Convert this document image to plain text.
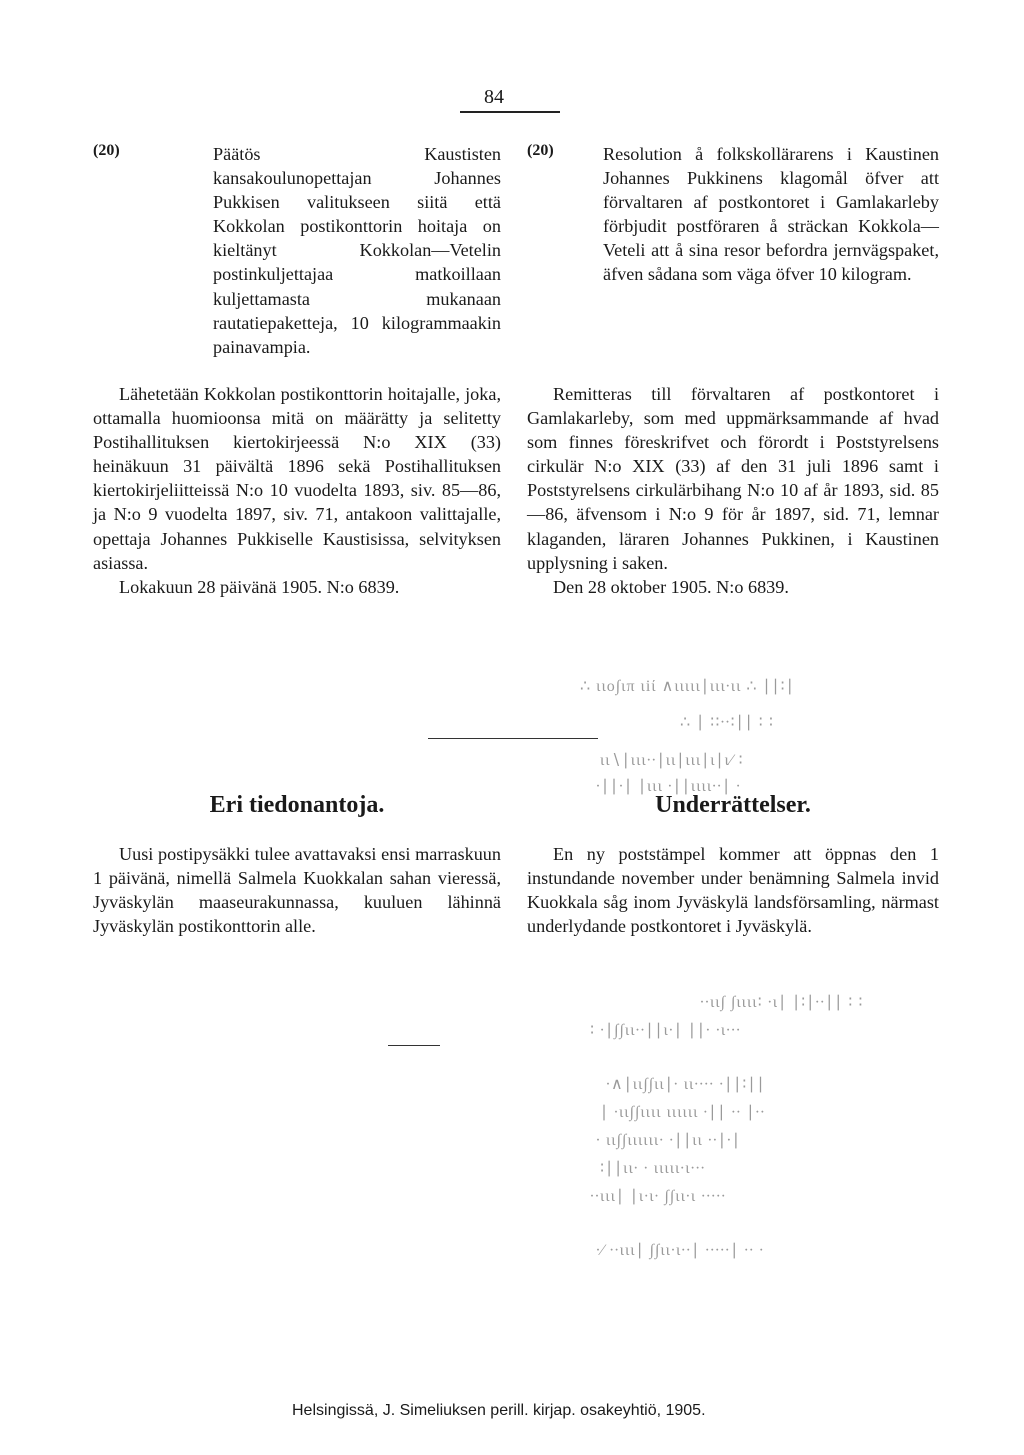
84
(20)	Päätös Kaustisten kansakoulunopettajan Johannes Pukkisen valitukseen siitä että Kokkolan postikonttorin hoitaja on kieltänyt Kokkolan—Vetelin postinkuljettajaa matkoillaan kuljettamasta mukanaan rautatiepaketteja, 10 kilogrammaakin painavampia.

Lähetetään Kokkolan postikonttorin hoitajalle, joka, ottamalla huomioonsa mitä on määrätty ja selitetty Postihallituksen kiertokirjeessä N:o XIX (33) heinäkuun 31 päivältä 1896 sekä Postihallituksen kiertokirjeliitteissä N:o 10 vuodelta 1893, siv. 85—86, ja N:o 9 vuodelta 1897, siv. 71, antakoon valittajalle, opettaja Johannes Pukkiselle Kaustisissa, selvityksen asiassa.

Lokakuun 28 päivänä 1905. N:o 6839.

(20)	Resolution å folkskollärarens i Kaustinen Johannes Pukkinens klagomål öfver att förvaltaren af postkontoret i Gamlakarleby förbjudit postföraren å sträckan Kokkola—Veteli att å sina resor befordra jernvägspaket, äfven sådana som väga öfver 10 kilogram.

Remitteras till förvaltaren af postkontoret i Gamlakarleby, som med uppmärksammande af hvad som finnes föreskrifvet och förordt i Poststyrelsens cirkulär N:o XIX (33) af den 31 juli 1896 samt i Poststyrelsens cirkulärbihang N:o 10 af år 1893, sid. 85—86, äfvensom i N:o 9 för år 1897, sid. 71, lemnar klaganden, läraren Johannes Pukkinen, i Kaustinen upplysning i saken.

Den 28 oktober 1905. N:o 6839.

∴ ιιο∫ιπ ιiί ∧ιιιιι∣ιιι∙ιι ∴ ∣∣∶∣
∴ ∣ ∶∶∙∙∶∣∣ ∶ ∶
ιι∖∣ιιι∙∙∣ιι∣ιιι∣ι∣ι∕ ∶
∙∣∣∙∣ ∣ιιι ∙∣∣ιιιι∙∙∣ ∙

Eri tiedonantoja.	Underrättelser.

Uusi postipysäkki tulee avattavaksi ensi marraskuun 1 päivänä, nimellä Salmela Kuokkalan sahan vieressä, Jyväskylän maaseurakunnassa, kuuluen lähinnä Jyväskylän postikonttorin alle.

En ny poststämpel kommer att öppnas den 1 instundande november under benämning Salmela invid Kuokkala såg inom Jyväskylä landsförsamling, närmast underlydande postkontoret i Jyväskylä.

∙∙ιι∫ ∫ιιιι∶ ∙ι∣ ∣∶∣∙∙∣∣ ∶ ∶
∶ ∙∣∫∫ιι∙∙∣∣ι∙∣ ∣∣∙ ∙ι∙∙∙
∙∧∣ιι∫∫ιι∣∙ ιι∙∙∙∙ ∙∣∣∶∣∣
∣ ∙ιι∫∫ιιιι ιιιιιι ∙∣∣ ∙∙ ∣∙∙
∙ ιι∫∫ιιιιιι∙ ∙∣∣ιι ∙∙∣∙∣
∶∣∣ιι∙ ∙ ιιιιι∙ι∙∙∙
∙∙ιιι∣ ∣ι∙ι∙ ∫∫ιι∙ι ∙∙∙∙∙
∙∕ ∙∙ιιι∣ ∫∫ιι∙ι∙∙∣ ∙∙∙∙∙∣ ∙∙ ∙
Helsingissä, J. Simeliuksen perill. kirjap. osakeyhtiö, 1905.
